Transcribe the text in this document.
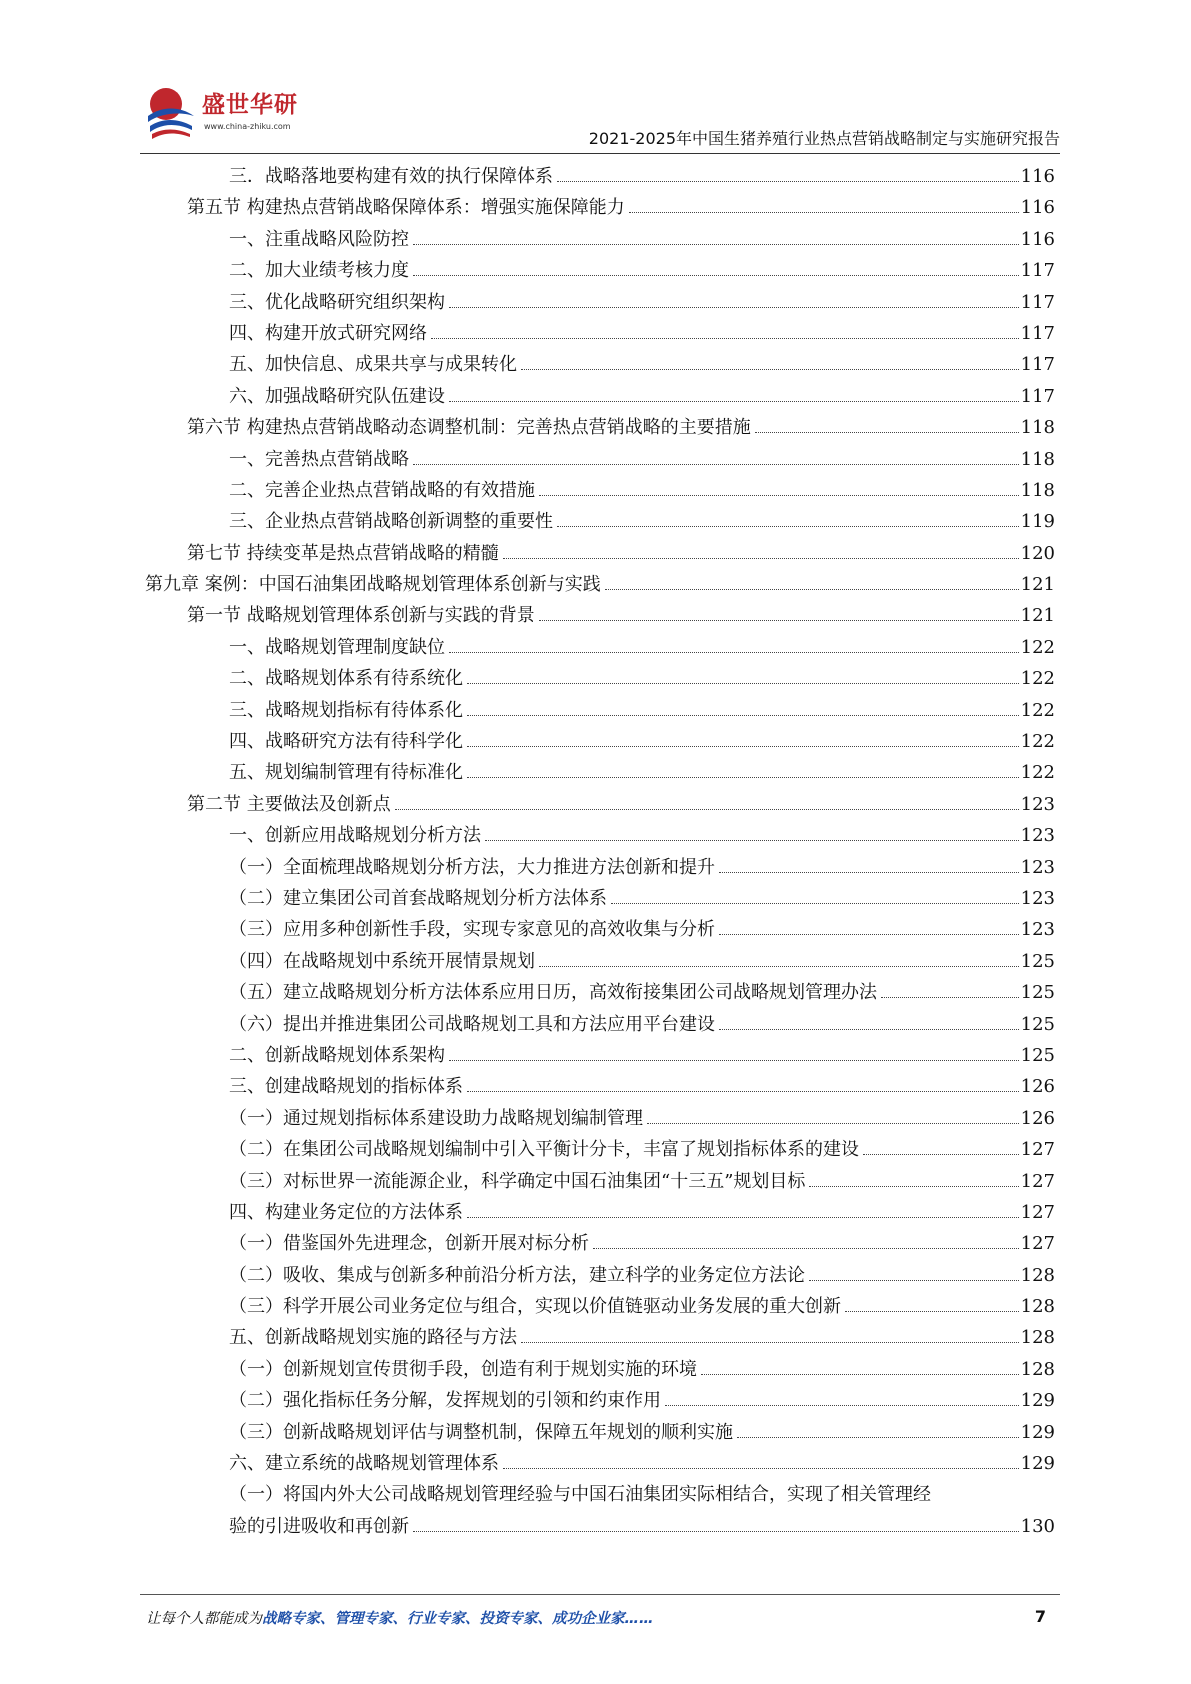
盛世华研
www.china-zhiku.com
2021-2025年中国生猪养殖行业热点营销战略制定与实施研究报告
三．战略落地要构建有效的执行保障体系	116
第五节 构建热点营销战略保障体系：增强实施保障能力	116
一、注重战略风险防控	116
二、加大业绩考核力度	117
三、优化战略研究组织架构	117
四、构建开放式研究网络	117
五、加快信息、成果共享与成果转化	117
六、加强战略研究队伍建设	117
第六节 构建热点营销战略动态调整机制：完善热点营销战略的主要措施	118
一、完善热点营销战略	118
二、完善企业热点营销战略的有效措施	118
三、企业热点营销战略创新调整的重要性	119
第七节 持续变革是热点营销战略的精髓	120
第九章 案例：中国石油集团战略规划管理体系创新与实践	121
第一节 战略规划管理体系创新与实践的背景	121
一、战略规划管理制度缺位	122
二、战略规划体系有待系统化	122
三、战略规划指标有待体系化	122
四、战略研究方法有待科学化	122
五、规划编制管理有待标准化	122
第二节 主要做法及创新点	123
一、创新应用战略规划分析方法	123
（一）全面梳理战略规划分析方法，大力推进方法创新和提升	123
（二）建立集团公司首套战略规划分析方法体系	123
（三）应用多种创新性手段，实现专家意见的高效收集与分析	123
（四）在战略规划中系统开展情景规划	125
（五）建立战略规划分析方法体系应用日历，高效衔接集团公司战略规划管理办法	125
（六）提出并推进集团公司战略规划工具和方法应用平台建设	125
二、创新战略规划体系架构	125
三、创建战略规划的指标体系	126
（一）通过规划指标体系建设助力战略规划编制管理	126
（二）在集团公司战略规划编制中引入平衡计分卡，丰富了规划指标体系的建设	127
（三）对标世界一流能源企业，科学确定中国石油集团“十三五”规划目标	127
四、构建业务定位的方法体系	127
（一）借鉴国外先进理念，创新开展对标分析	127
（二）吸收、集成与创新多种前沿分析方法，建立科学的业务定位方法论	128
（三）科学开展公司业务定位与组合，实现以价值链驱动业务发展的重大创新	128
五、创新战略规划实施的路径与方法	128
（一）创新规划宣传贯彻手段，创造有利于规划实施的环境	128
（二）强化指标任务分解，发挥规划的引领和约束作用	129
（三）创新战略规划评估与调整机制，保障五年规划的顺利实施	129
六、建立系统的战略规划管理体系	129
（一）将国内外大公司战略规划管理经验与中国石油集团实际相结合，实现了相关管理经
验的引进吸收和再创新	130
让每个人都能成为战略专家、管理专家、行业专家、投资专家、成功企业家……	7
